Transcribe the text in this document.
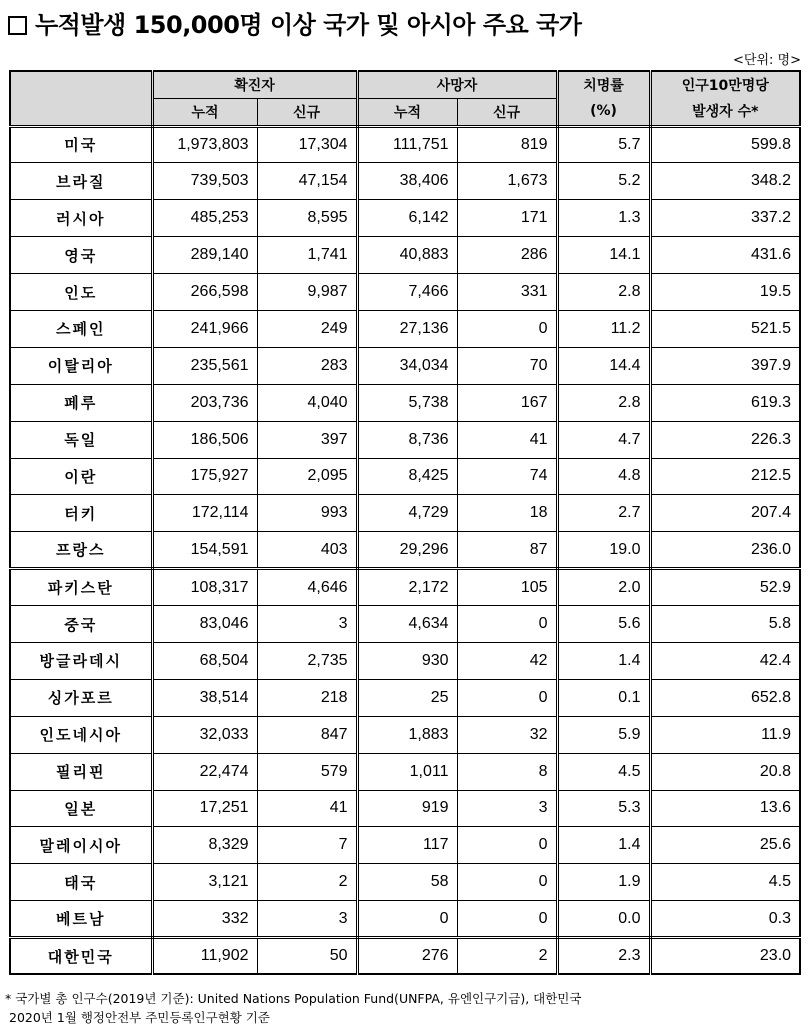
누적발생 150,000명 이상 국가 및 아시아 주요 국가
<단위: 명>
	확진자		사망자		치명률	인구10만명당
	누적	신규	누적	신규	(%)	발생자 수*
미국	1,973,803	17,304	111,751	819	5.7	599.8
브라질	739,503	47,154	38,406	1,673	5.2	348.2
러시아	485,253	8,595	6,142	171	1.3	337.2
영국	289,140	1,741	40,883	286	14.1	431.6
인도	266,598	9,987	7,466	331	2.8	19.5
스페인	241,966	249	27,136	0	11.2	521.5
이탈리아	235,561	283	34,034	70	14.4	397.9
페루	203,736	4,040	5,738	167	2.8	619.3
독일	186,506	397	8,736	41	4.7	226.3
이란	175,927	2,095	8,425	74	4.8	212.5
터키	172,114	993	4,729	18	2.7	207.4
프랑스	154,591	403	29,296	87	19.0	236.0
파키스탄	108,317	4,646	2,172	105	2.0	52.9
중국	83,046	3	4,634	0	5.6	5.8
방글라데시	68,504	2,735	930	42	1.4	42.4
싱가포르	38,514	218	25	0	0.1	652.8
인도네시아	32,033	847	1,883	32	5.9	11.9
필리핀	22,474	579	1,011	8	4.5	20.8
일본	17,251	41	919	3	5.3	13.6
말레이시아	8,329	7	117	0	1.4	25.6
태국	3,121	2	58	0	1.9	4.5
베트남	332	3	0	0	0.0	0.3
대한민국	11,902	50	276	2	2.3	23.0
* 국가별 총 인구수(2019년 기준): United Nations Population Fund(UNFPA, 유엔인구기금), 대한민국
2020년 1월 행정안전부 주민등록인구현황 기준
